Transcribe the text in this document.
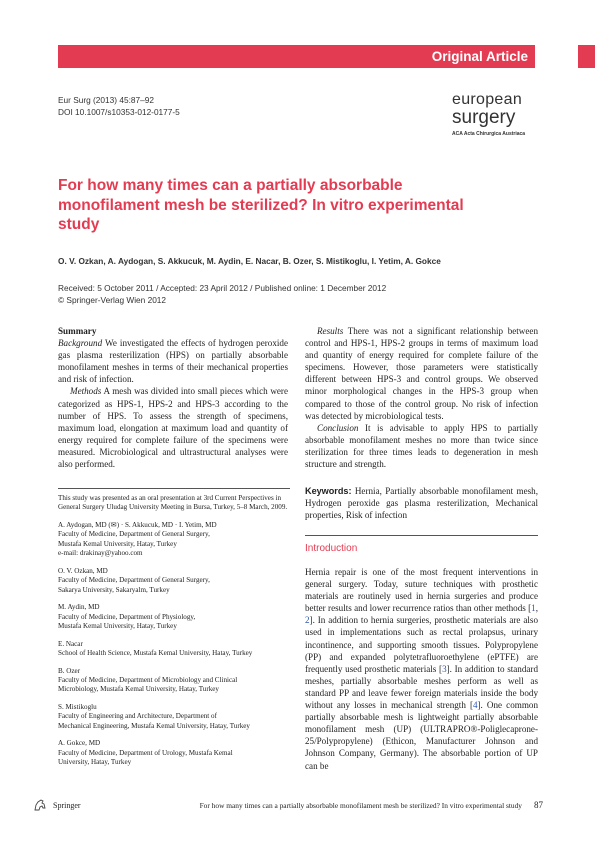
Original Article
Eur Surg (2013) 45:87–92
DOI 10.1007/s10353-012-0177-5
european
surgery
ACA Acta Chirurgica Austriaca
For how many times can a partially absorbable monofilament mesh be sterilized? In vitro experimental study
O. V. Ozkan, A. Aydogan, S. Akkucuk, M. Aydin, E. Nacar, B. Ozer, S. Mistikoglu, I. Yetim, A. Gokce
Received: 5 October 2011 / Accepted: 23 April 2012 / Published online: 1 December 2012
© Springer-Verlag Wien 2012

Summary

Background We investigated the effects of hydrogen peroxide gas plasma resterilization (HPS) on partially absorbable monofilament meshes in terms of their mechanical properties and risk of infection.

Methods A mesh was divided into small pieces which were categorized as HPS-1, HPS-2 and HPS-3 according to the number of HPS. To assess the strength of specimens, maximum load, elongation at maximum load and quantity of energy required for complete failure of the specimens were measured. Microbiological and ultrastructural analyses were also performed.

Results There was not a significant relationship between control and HPS-1, HPS-2 groups in terms of maximum load and quantity of energy required for complete failure of the specimens. However, those parameters were statistically different between HPS-3 and control groups. We observed minor morphological changes in the HPS-3 group when compared to those of the control group. No risk of infection was detected by microbiological tests.

Conclusion It is advisable to apply HPS to partially absorbable monofilament meshes no more than twice since sterilization for three times leads to degeneration in mesh structure and strength.

Keywords: Hernia, Partially absorbable monofilament mesh, Hydrogen peroxide gas plasma resterilization, Mechanical properties, Risk of infection
This study was presented as an oral presentation at 3rd Current Perspectives in General Surgery Uludag University Meeting in Bursa, Turkey, 5–8 March, 2009.
A. Aydogan, MD (✉) · S. Akkucuk, MD · I. Yetim, MD
Faculty of Medicine, Department of General Surgery,
Mustafa Kemal University, Hatay, Turkey
e-mail: drakinay@yahoo.com
O. V. Ozkan, MD
Faculty of Medicine, Department of General Surgery,
Sakarya University, Sakaryalm, Turkey
M. Aydin, MD
Faculty of Medicine, Department of Physiology,
Mustafa Kemal University, Hatay, Turkey
E. Nacar
School of Health Science, Mustafa Kemal University, Hatay, Turkey
B. Ozer
Faculty of Medicine, Department of Microbiology and Clinical
Microbiology, Mustafa Kemal University, Hatay, Turkey
S. Mistikoglu
Faculty of Engineering and Architecture, Department of
Mechanical Engineering, Mustafa Kemal University, Hatay, Turkey
A. Gokce, MD
Faculty of Medicine, Department of Urology, Mustafa Kemal
University, Hatay, Turkey
Introduction

Hernia repair is one of the most frequent interventions in general surgery. Today, suture techniques with prosthetic materials are routinely used in hernia surgeries and produce better results and lower recurrence ratios than other methods [1, 2]. In addition to hernia surgeries, prosthetic materials are also used in implementations such as rectal prolapsus, urinary incontinence, and supporting smooth tissues. Polypropylene (PP) and expanded polytetrafluoroethylene (ePTFE) are frequently used prosthetic materials [3]. In addition to standard meshes, partially absorbable meshes perform as well as standard PP and leave fewer foreign materials inside the body without any losses in mechanical strength [4]. One common partially absorbable mesh is lightweight partially absorbable monofilament mesh (UP) (ULTRAPRO®-Poliglecaprone-25/Polypropylene) (Ethicon, Manufacturer Johnson and Johnson Company, Germany). The absorbable portion of UP can be

Springer	For how many times can a partially absorbable monofilament mesh be sterilized? In vitro experimental study 87
